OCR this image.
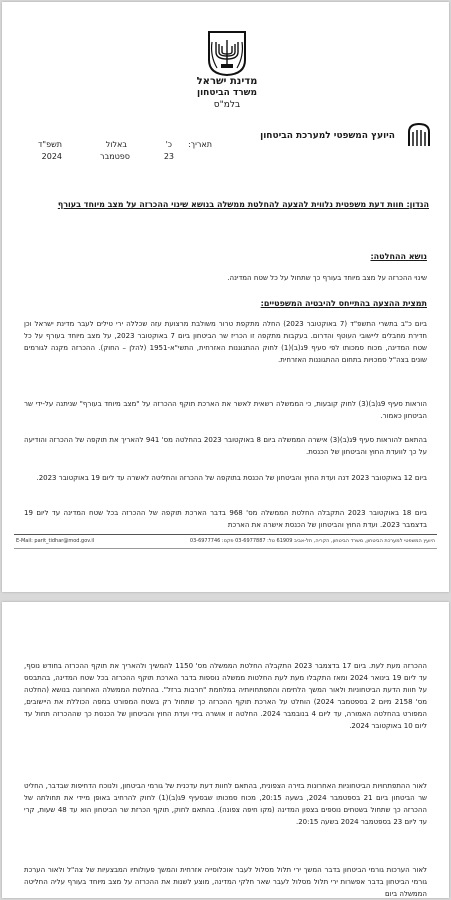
מדינת ישראל
משרד הביטחון
בלמ"ס
היועץ המשפטי למערכת הביטחון
תאריך:
כ'
באלול
תשפ"ד
23
ספטמבר
2024
הנדון: חוות דעת משפטית נלווית להצעה להחלטת ממשלה בנושא שינוי ההכרזה על מצב מיוחד בעורף
נושא ההחלטה:
שינוי ההכרזה על מצב מיוחד בעורף כך שתחול על כל שטח המדינה.
תמצית ההצעה בהתייחס להיבטיה המשפטיים:
ביום כ"ב בתשרי התשפ"ד (7 באוקטובר 2023) החלה מתקפת טרור משולבת מרצועת עזה שכללה ירי טילים לעבר מדינת ישראל וכן חדירת מחבלים ליישובי העוטף והדרום. בעקבות מתקפה זו הכריז שר הביטחון ביום 7 באוקטובר 2023, על מצב מיוחד בעורף על כל שטח המדינה, מכוח סמכותו לפי סעיף 9ג(ב)(1) לחוק ההתגוננות האזרחית, התשי"א-1951 (להלן – החוק). ההכרזה מקנה לגורמים שונים בצה"ל סמכויות בתחום ההתגוננות האזרחית.
הוראות סעיף 9ג(ב)(3) לחוק קובעות, כי הממשלה רשאית לאשר את הארכת תוקף ההכרזה על "מצב מיוחד בעורף" שניתנה על-ידי שר הביטחון כאמור.
בהתאם להוראות סעיף 9ג(ב)(3) אישרה הממשלה ביום 8 באוקטובר 2023 בהחלטה מס' 941 להאריך את תוקפה של ההכרזה והודיעה על כך לוועדת החוץ והביטחון של הכנסת.
ביום 12 באוקטובר 2023 דנה ועדת החוץ והביטחון של הכנסת בתוקפה של ההכרזה והחליטה לאשרה עד ליום 19 באוקטובר 2023.
ביום 18 באוקטובר 2023 התקבלה החלטת הממשלה מס' 968 בדבר הארכת תוקפה של ההכרזה בכל שטח המדינה עד ליום 19 בדצמבר 2023. ועדת החוץ והביטחון של הכנסת אישרה את הארכת
היועץ המשפטי למערכת הביטחון, משרד הביטחון, הקריה, תל-אביב 61909 טל: 03-6977887 פקס: 03-6977746
E-Mail: parit_tidhar@mod.gov.il
ההכרזה מעת לעת. ביום 17 בדצמבר 2023 התקבלה החלטת הממשלה מס' 1150 להמשיך ולהאריך את תוקף ההכרזה בחודש נוסף, עד ליום 19 בינואר 2024 ומאז התקבלו מעת לעת החלטות ממשלה נוספות בדבר הארכת תוקף ההכרזה בכל שטח המדינה, בהתבסס על חוות הדעת הביטחוניות ולאור המשך הלחימה והתפתחויותיה במלחמת "חרבות ברזל". בהחלטת הממשלה האחרונה בנושא (החלטה מס' 2158 מיום 2 בספטמבר 2024) הוחלט על הארכת תוקף ההכרזה כך שתחול רק בשטח המפורט במפה הכוללת את היישובים, המפורט בהחלטה האמורה, עד ליום 4 בנובמבר 2024. החלטה זו אושרה בידי ועדת החוץ והביטחון של הכנסת כך שההכרזה תחול עד ליום 10 באוקטובר 2024.
לאור ההתפתחויות הביטחוניות האחרונות בזירה הצפונית, בהתאם לחוות דעת עדכנית של גורמי הביטחון, ולנוכח הדחיפות שבדבר, החליט שר הביטחון ביום 21 בספטמבר 2024, בשעה 20:15, מכוח סמכותו שבסעיף 9ג(ב)(1) לחוק להרחיב באופן מיידי את תחולתה של ההכרזה כך שתחול בשטחים נוספים בצפון המדינה (מקו חיפה צפונה). בהתאם לחוק, תוקף הכרזת שר הביטחון הוא עד 48 שעות, קרי עד ליום 23 בספטמבר 2024 בשעה 20:15.
לאור הערכות גורמי הביטחון בדבר המשך ירי תלול מסלול לעבר אוכלוסייה אזרחית והמשך פעולותיו המבצעיות של צה"ל ולאור הערכת גורמי הביטחון בדבר אפשרות ירי תלול מסלול לעבר שאר חלקי המדינה, מוצע לשנות את ההכרזה על מצב מיוחד בעורף עליה החליטה הממשלה ביום
